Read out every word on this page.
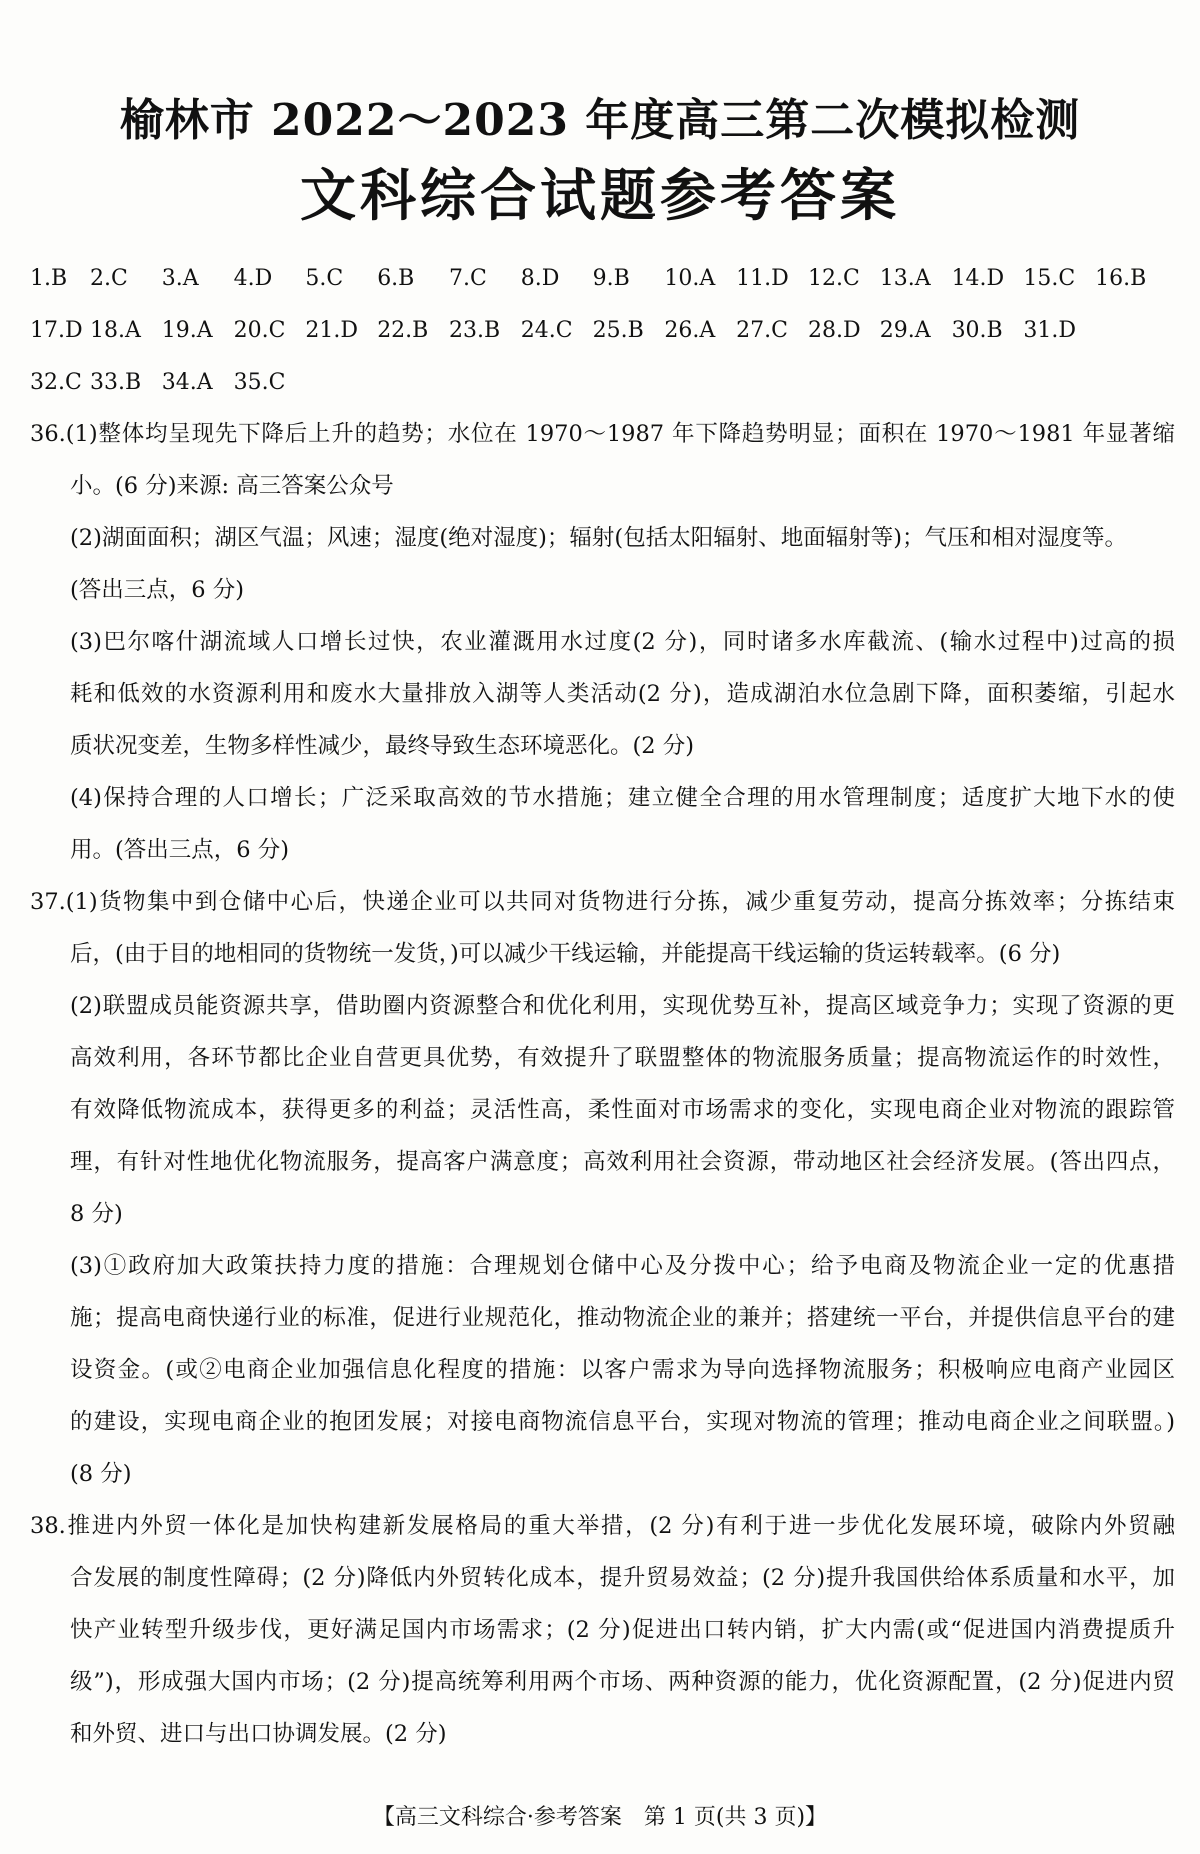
榆林市 2022～2023 年度高三第二次模拟检测
文科综合试题参考答案
1.B	2.C	3.A	4.D	5.C	6.B	7.C	8.D	9.B	10.A 11.D 12.C 13.A 14.D 15.C 16.B
17.D 18.A 19.A 20.C 21.D 22.B 23.B 24.C 25.B 26.A 27.C 28.D 29.A 30.B 31.D
32.C 33.B 34.A 35.C
36.(1)整体均呈现先下降后上升的趋势；水位在 1970～1987 年下降趋势明显；面积在 1970～1981 年显著缩
小。(6 分)来源: 高三答案公众号
(2)湖面面积；湖区气温；风速；湿度(绝对湿度)；辐射(包括太阳辐射、地面辐射等)；气压和相对湿度等。
(答出三点，6 分)
(3)巴尔喀什湖流域人口增长过快，农业灌溉用水过度(2 分)，同时诸多水库截流、(输水过程中)过高的损
耗和低效的水资源利用和废水大量排放入湖等人类活动(2 分)，造成湖泊水位急剧下降，面积萎缩，引起水
质状况变差，生物多样性减少，最终导致生态环境恶化。(2 分)
(4)保持合理的人口增长；广泛采取高效的节水措施；建立健全合理的用水管理制度；适度扩大地下水的使
用。(答出三点，6 分)
37.(1)货物集中到仓储中心后，快递企业可以共同对货物进行分拣，减少重复劳动，提高分拣效率；分拣结束
后，(由于目的地相同的货物统一发货，)可以减少干线运输，并能提高干线运输的货运转载率。(6 分)
(2)联盟成员能资源共享，借助圈内资源整合和优化利用，实现优势互补，提高区域竞争力；实现了资源的更
高效利用，各环节都比企业自营更具优势，有效提升了联盟整体的物流服务质量；提高物流运作的时效性，
有效降低物流成本，获得更多的利益；灵活性高，柔性面对市场需求的变化，实现电商企业对物流的跟踪管
理，有针对性地优化物流服务，提高客户满意度；高效利用社会资源，带动地区社会经济发展。(答出四点，
8 分)
(3)①政府加大政策扶持力度的措施：合理规划仓储中心及分拨中心；给予电商及物流企业一定的优惠措
施；提高电商快递行业的标准，促进行业规范化，推动物流企业的兼并；搭建统一平台，并提供信息平台的建
设资金。(或②电商企业加强信息化程度的措施：以客户需求为导向选择物流服务；积极响应电商产业园区
的建设，实现电商企业的抱团发展；对接电商物流信息平台，实现对物流的管理；推动电商企业之间联盟。)
(8 分)
38.推进内外贸一体化是加快构建新发展格局的重大举措，(2 分)有利于进一步优化发展环境，破除内外贸融
合发展的制度性障碍；(2 分)降低内外贸转化成本，提升贸易效益；(2 分)提升我国供给体系质量和水平，加
快产业转型升级步伐，更好满足国内市场需求；(2 分)促进出口转内销，扩大内需(或“促进国内消费提质升
级”)，形成强大国内市场；(2 分)提高统筹利用两个市场、两种资源的能力，优化资源配置，(2 分)促进内贸
和外贸、进口与出口协调发展。(2 分)
【高三文科综合·参考答案　第 1 页(共 3 页)】
